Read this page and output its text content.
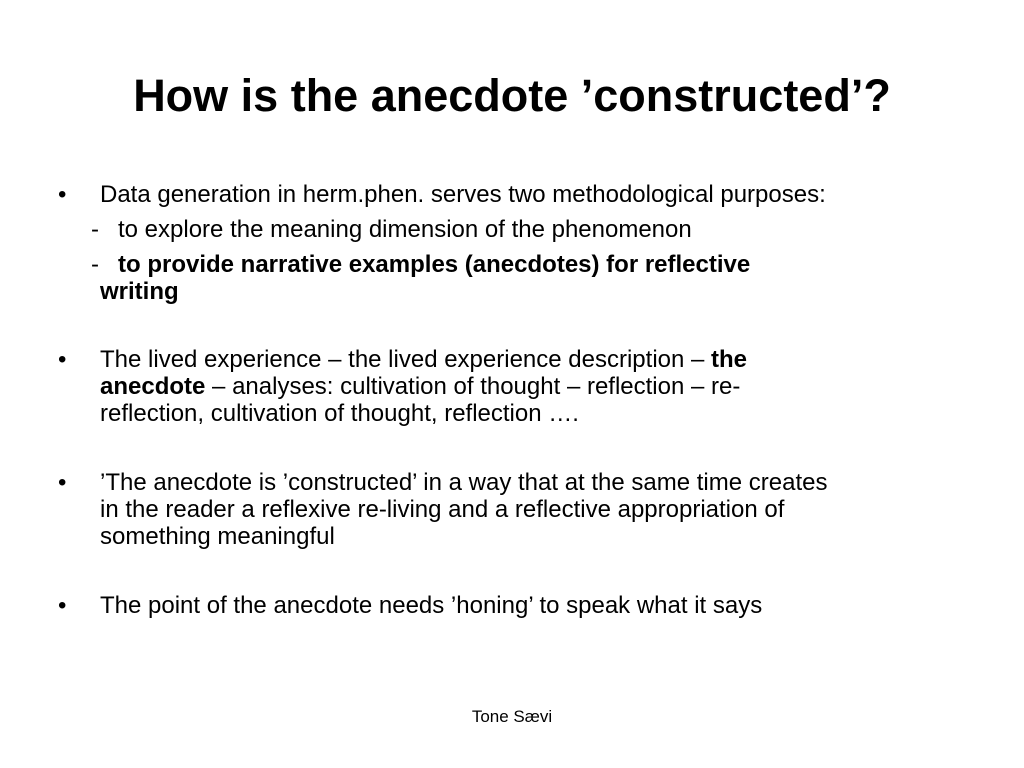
How is the anecdote ’constructed’?
• Data generation in herm.phen. serves two methodological purposes:
- to explore the meaning dimension of the phenomenon
- to provide narrative examples (anecdotes) for reflective
writing
• The lived experience – the lived experience description – the
anecdote – analyses: cultivation of thought – reflection – re-
reflection, cultivation of thought, reflection ….
• ’The anecdote is ’constructed’ in a way that at the same time creates
in the reader a reflexive re-living and a reflective appropriation of
something meaningful
• The point of the anecdote needs ’honing’ to speak what it says
Tone Sævi
